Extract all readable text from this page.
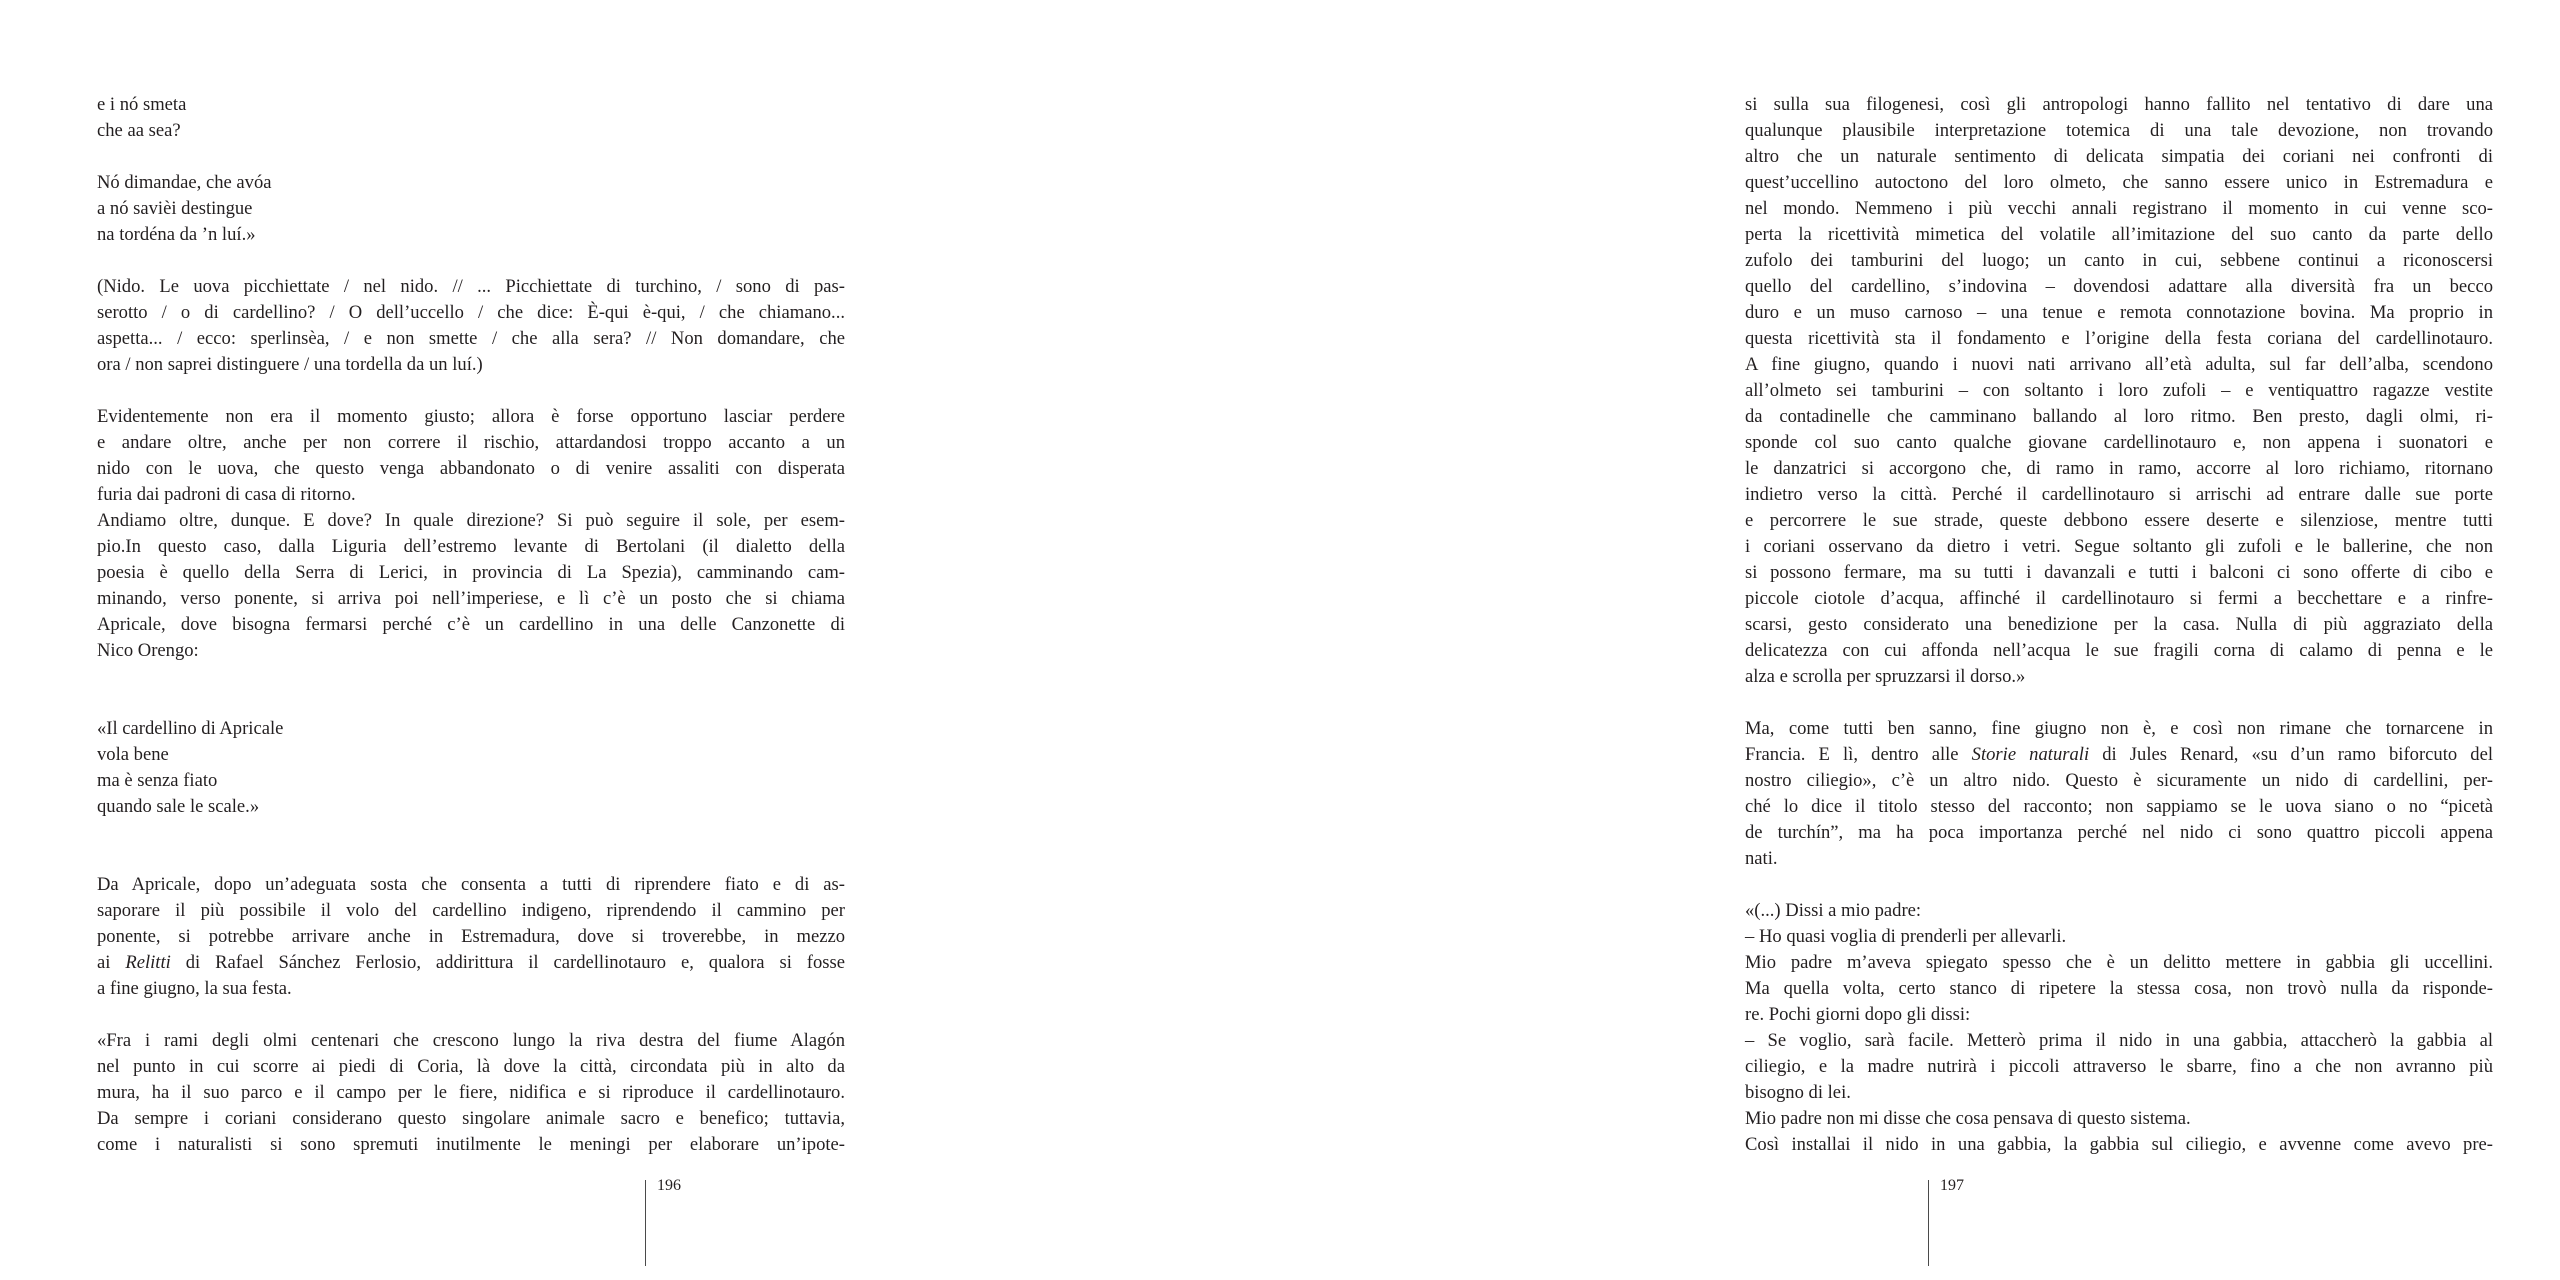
e i nó smeta
che aa sea?
Nó dimandae, che avóa
a nó savièi destingue
na tordéna da ’n luí.»
(Nido. Le uova picchiettate / nel nido. // ... Picchiettate di turchino, / sono di pas-
serotto / o di cardellino? / O dell’uccello / che dice: È-qui è-qui, / che chiamano...
aspetta... / ecco: sperlinsèa, / e non smette / che alla sera? // Non domandare, che
ora / non saprei distinguere / una tordella da un luí.)
Evidentemente non era il momento giusto; allora è forse opportuno lasciar perdere
e andare oltre, anche per non correre il rischio, attardandosi troppo accanto a un
nido con le uova, che questo venga abbandonato o di venire assaliti con disperata
furia dai padroni di casa di ritorno.
Andiamo oltre, dunque. E dove? In quale direzione? Si può seguire il sole, per esem-
pio.In questo caso, dalla Liguria dell’estremo levante di Bertolani (il dialetto della
poesia è quello della Serra di Lerici, in provincia di La Spezia), camminando cam-
minando, verso ponente, si arriva poi nell’imperiese, e lì c’è un posto che si chiama
Apricale, dove bisogna fermarsi perché c’è un cardellino in una delle Canzonette di
Nico Orengo:
«Il cardellino di Apricale
vola bene
ma è senza fiato
quando sale le scale.»
Da Apricale, dopo un’adeguata sosta che consenta a tutti di riprendere fiato e di as-
saporare il più possibile il volo del cardellino indigeno, riprendendo il cammino per
ponente, si potrebbe arrivare anche in Estremadura, dove si troverebbe, in mezzo
ai Relitti di Rafael Sánchez Ferlosio, addirittura il cardellinotauro e, qualora si fosse
a fine giugno, la sua festa.
«Fra i rami degli olmi centenari che crescono lungo la riva destra del fiume Alagón
nel punto in cui scorre ai piedi di Coria, là dove la città, circondata più in alto da
mura, ha il suo parco e il campo per le fiere, nidifica e si riproduce il cardellinotauro.
Da sempre i coriani considerano questo singolare animale sacro e benefico; tuttavia,
come i naturalisti si sono spremuti inutilmente le meningi per elaborare un’ipote-
196
si sulla sua filogenesi, così gli antropologi hanno fallito nel tentativo di dare una
qualunque plausibile interpretazione totemica di una tale devozione, non trovando
altro che un naturale sentimento di delicata simpatia dei coriani nei confronti di
quest’uccellino autoctono del loro olmeto, che sanno essere unico in Estremadura e
nel mondo. Nemmeno i più vecchi annali registrano il momento in cui venne sco-
perta la ricettività mimetica del volatile all’imitazione del suo canto da parte dello
zufolo dei tamburini del luogo; un canto in cui, sebbene continui a riconoscersi
quello del cardellino, s’indovina – dovendosi adattare alla diversità fra un becco
duro e un muso carnoso – una tenue e remota connotazione bovina. Ma proprio in
questa ricettività sta il fondamento e l’origine della festa coriana del cardellinotauro.
A fine giugno, quando i nuovi nati arrivano all’età adulta, sul far dell’alba, scendono
all’olmeto sei tamburini – con soltanto i loro zufoli – e ventiquattro ragazze vestite
da contadinelle che camminano ballando al loro ritmo. Ben presto, dagli olmi, ri-
sponde col suo canto qualche giovane cardellinotauro e, non appena i suonatori e
le danzatrici si accorgono che, di ramo in ramo, accorre al loro richiamo, ritornano
indietro verso la città. Perché il cardellinotauro si arrischi ad entrare dalle sue porte
e percorrere le sue strade, queste debbono essere deserte e silenziose, mentre tutti
i coriani osservano da dietro i vetri. Segue soltanto gli zufoli e le ballerine, che non
si possono fermare, ma su tutti i davanzali e tutti i balconi ci sono offerte di cibo e
piccole ciotole d’acqua, affinché il cardellinotauro si fermi a becchettare e a rinfre-
scarsi, gesto considerato una benedizione per la casa. Nulla di più aggraziato della
delicatezza con cui affonda nell’acqua le sue fragili corna di calamo di penna e le
alza e scrolla per spruzzarsi il dorso.»
Ma, come tutti ben sanno, fine giugno non è, e così non rimane che tornarcene in
Francia. E lì, dentro alle Storie naturali di Jules Renard, «su d’un ramo biforcuto del
nostro ciliegio», c’è un altro nido. Questo è sicuramente un nido di cardellini, per-
ché lo dice il titolo stesso del racconto; non sappiamo se le uova siano o no “picetà
de turchín”, ma ha poca importanza perché nel nido ci sono quattro piccoli appena
nati.
«(...) Dissi a mio padre:
– Ho quasi voglia di prenderli per allevarli.
Mio padre m’aveva spiegato spesso che è un delitto mettere in gabbia gli uccellini.
Ma quella volta, certo stanco di ripetere la stessa cosa, non trovò nulla da risponde-
re. Pochi giorni dopo gli dissi:
– Se voglio, sarà facile. Metterò prima il nido in una gabbia, attaccherò la gabbia al
ciliegio, e la madre nutrirà i piccoli attraverso le sbarre, fino a che non avranno più
bisogno di lei.
Mio padre non mi disse che cosa pensava di questo sistema.
Così installai il nido in una gabbia, la gabbia sul ciliegio, e avvenne come avevo pre-
197
